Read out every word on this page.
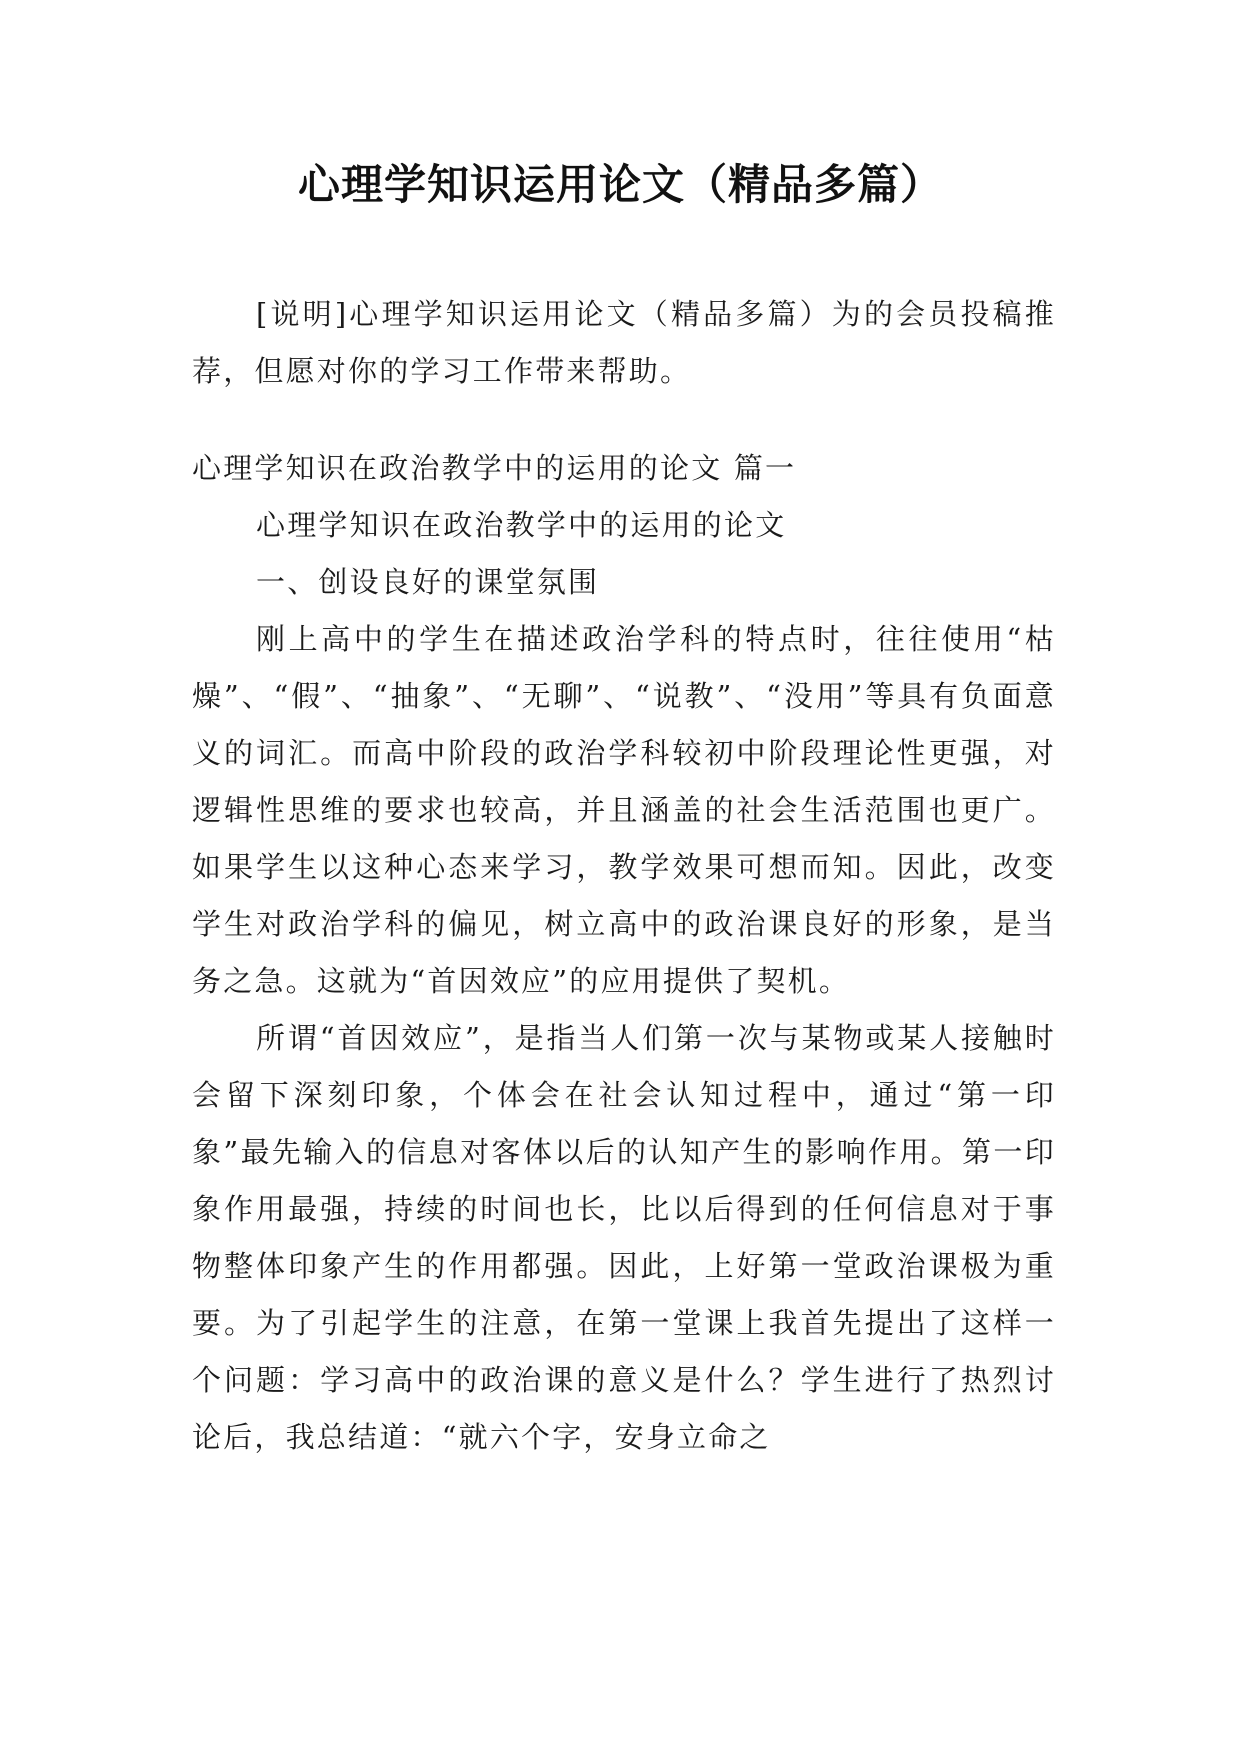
心理学知识运用论文（精品多篇）

[说明]心理学知识运用论文（精品多篇）为的会员投稿推荐，但愿对你的学习工作带来帮助。

心理学知识在政治教学中的运用的论文 篇一

心理学知识在政治教学中的运用的论文

一、创设良好的课堂氛围

刚上高中的学生在描述政治学科的特点时，往往使用“枯燥”、“假”、“抽象”、“无聊”、“说教”、“没用”等具有负面意义的词汇。而高中阶段的政治学科较初中阶段理论性更强，对逻辑性思维的要求也较高，并且涵盖的社会生活范围也更广。如果学生以这种心态来学习，教学效果可想而知。因此，改变学生对政治学科的偏见，树立高中的政治课良好的形象，是当务之急。这就为“首因效应”的应用提供了契机。

所谓“首因效应”，是指当人们第一次与某物或某人接触时会留下深刻印象，个体会在社会认知过程中，通过“第一印象”最先输入的信息对客体以后的认知产生的影响作用。第一印象作用最强，持续的时间也长，比以后得到的任何信息对于事物整体印象产生的作用都强。因此，上好第一堂政治课极为重要。为了引起学生的注意，在第一堂课上我首先提出了这样一个问题：学习高中的政治课的意义是什么？学生进行了热烈讨论后，我总结道：“就六个字，安身立命之
